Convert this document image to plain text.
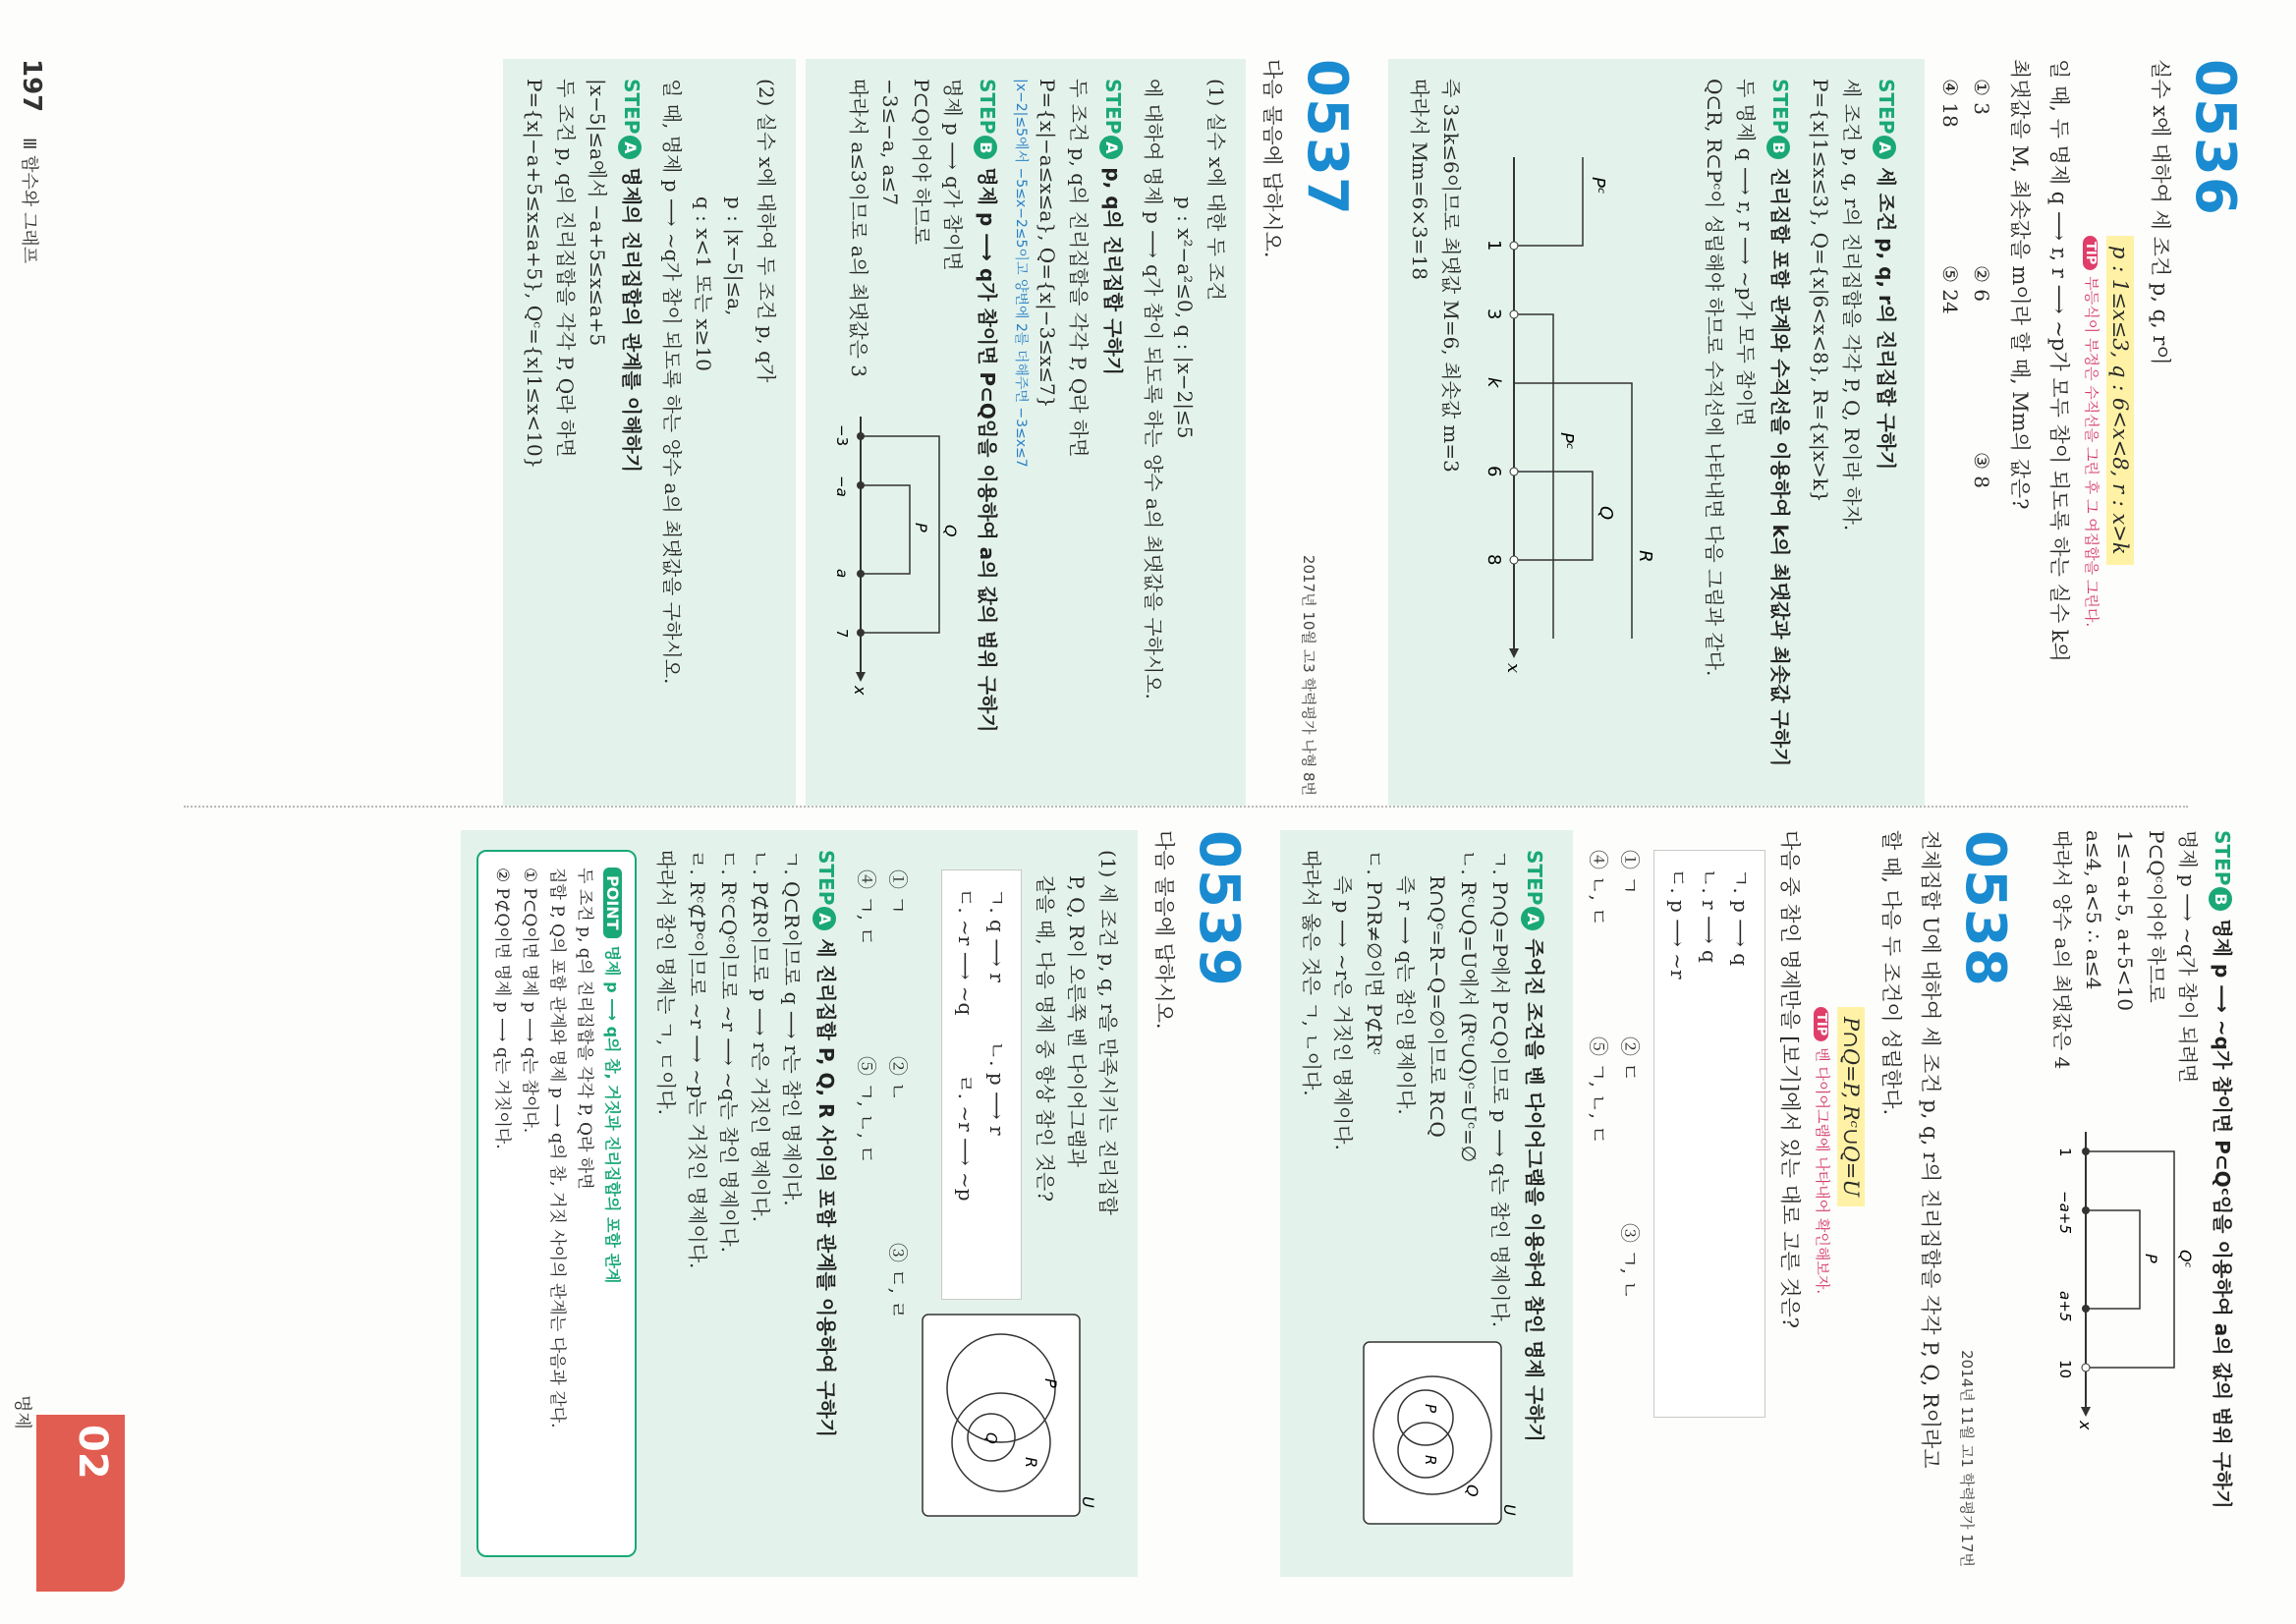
0536
실수 x에 대하여 세 조건 p, q, r이
p : 1≤x≤3, q : 6<x<8, r : x>k
TIP부등식이 부정은 수직선을 그린 후 그 여집합을 그린다.
일 때, 두 명제 q ⟶ r, r ⟶ ~p가 모두 참이 되도록 하는 실수 k의
최댓값을 M, 최솟값을 m이라 할 때, Mm의 값은?
① 3
② 6
③ 8
④ 18
⑤ 24
STEPA세 조건 p, q, r의 진리집합 구하기
세 조건 p, q, r의 진리집합을 각각 P, Q, R이라 하자.
P={x|1≤x≤3}, Q={x|6<x<8}, R={x|x>k}
STEPB진리집합 포함 관계와 수직선을 이용하여 k의 최댓값과 최솟값 구하기
두 명제 q ⟶ r, r ⟶ ~p가 모두 참이면
Q⊂R, R⊂Pᶜ이 성립해야 하므로 수직선에 나타내면 다음 그림과 같다.
x
Pᶜ
Pᶜ
R
Q
1
3
k
6
8
즉 3≤k≤6이므로 최댓값 M=6, 최솟값 m=3
따라서 Mm=6×3=18
0537
2017년 10월 고3 학력평가 나형 8번
다음 물음에 답하시오.
(1) 실수 x에 대한 두 조건
p : x²−a²≤0, q : |x−2|≤5
에 대하여 명제 p ⟶ q가 참이 되도록 하는 양수 a의 최댓값을 구하시오.
STEPAp, q의 진리집합 구하기
두 조건 p, q의 진리집합을 각각 P, Q라 하면
P={x|−a≤x≤a}, Q={x|−3≤x≤7}
|x−2|≤5에서 −5≤x−2≤5이고 양변에 2를 더해주면 −3≤x≤7
STEPB명제 p ⟶ q가 참이면 P⊂Q임을 이용하여 a의 값의 범위 구하기
명제 p ⟶ q가 참이면
P⊂Q이어야 하므로
−3≤−a, a≤7
따라서 a≤3이므로 a의 최댓값은 3
x
Q
P
−3
−a
a
7
(2) 실수 x에 대하여 두 조건 p, q가
p : |x−5|≤a,
q : x<1 또는 x≥10
일 때, 명제 p ⟶ ~q가 참이 되도록 하는 양수 a의 최댓값을 구하시오.
STEPA명제의 진리집합의 관계를 이해하기
|x−5|≤a에서 −a+5≤x≤a+5
두 조건 p, q의 진리집합을 각각 P, Q라 하면
P={x|−a+5≤x≤a+5}, Qᶜ={x|1≤x<10}
STEPB명제 p ⟶ ~q가 참이면 P⊂Qᶜ임을 이용하여 a의 값의 범위 구하기
명제 p ⟶ ~q가 참이 되려면
P⊂Qᶜ이어야 하므로
1≤−a+5, a+5<10
a≤4, a<5 ∴ a≤4
따라서 양수 a의 최댓값은 4
x
Qᶜ
P
1
−a+5
a+5
10
0538
2014년 11월 고1 학력평가 17번
전체집합 U에 대하여 세 조건 p, q, r의 진리집합을 각각 P, Q, R이라고
할 때, 다음 두 조건이 성립한다.
P∩Q=P, Rᶜ∪Q=U
TIP벤 다이어그램에 나타내어 확인해보자.
다음 중 참인 명제만을 [보기]에서 있는 대로 고른 것은?
ㄱ. p ⟶ q
ㄴ. r ⟶ q
ㄷ. p ⟶ ~r
① ㄱ
② ㄷ
③ ㄱ, ㄴ
④ ㄴ, ㄷ
⑤ ㄱ, ㄴ, ㄷ
STEPA주어진 조건을 벤 다이어그램을 이용하여 참인 명제 구하기
ㄱ. P∩Q=P에서 P⊂Q이므로 p ⟶ q는 참인 명제이다.
ㄴ. Rᶜ∪Q=U에서 (Rᶜ∪Q)ᶜ=Uᶜ=∅
R∩Qᶜ=R−Q=∅이므로 R⊂Q
즉 r ⟶ q는 참인 명제이다.
ㄷ. P∩R≠∅이면 P⊄Rᶜ
즉 p ⟶ ~r은 거짓인 명제이다.
따라서 옳은 것은 ㄱ, ㄴ이다.
U
Q
P
R
0539
다음 물음에 답하시오.
(1) 세 조건 p, q, r을 만족시키는 진리집합
P, Q, R이 오른쪽 벤 다이어그램과
같을 때, 다음 명제 중 항상 참인 것은?
ㄱ. q ⟶ r
ㄴ. p ⟶ r
ㄷ. ~r ⟶ ~q
ㄹ. ~r ⟶ ~p
U
P
R
Q
① ㄱ
② ㄴ
③ ㄷ, ㄹ
④ ㄱ, ㄷ
⑤ ㄱ, ㄴ, ㄷ
STEPA세 진리집합 P, Q, R 사이의 포함 관계를 이용하여 구하기
ㄱ. Q⊂R이므로 q ⟶ r는 참인 명제이다.
ㄴ. P⊄R이므로 p ⟶ r은 거짓인 명제이다.
ㄷ. Rᶜ⊂Qᶜ이므로 ~r ⟶ ~q는 참인 명제이다.
ㄹ. Rᶜ⊄Pᶜ이므로 ~r ⟶ ~p는 거짓인 명제이다.
따라서 참인 명제는 ㄱ, ㄷ이다.
POINT명제 p ⟶ q의 참, 거짓과 진리집합의 포함 관계
두 조건 p, q의 진리집합을 각각 P, Q라 하면
집합 P, Q의 포함 관계와 명제 p ⟶ q의 참, 거짓 사이의 관계는 다음과 같다.
① P⊂Q이면 명제 p ⟶ q는 참이다.
② P⊄Q이면 명제 p ⟶ q는 거짓이다.
197 Ⅲ 함수와 그래프
02
명제
